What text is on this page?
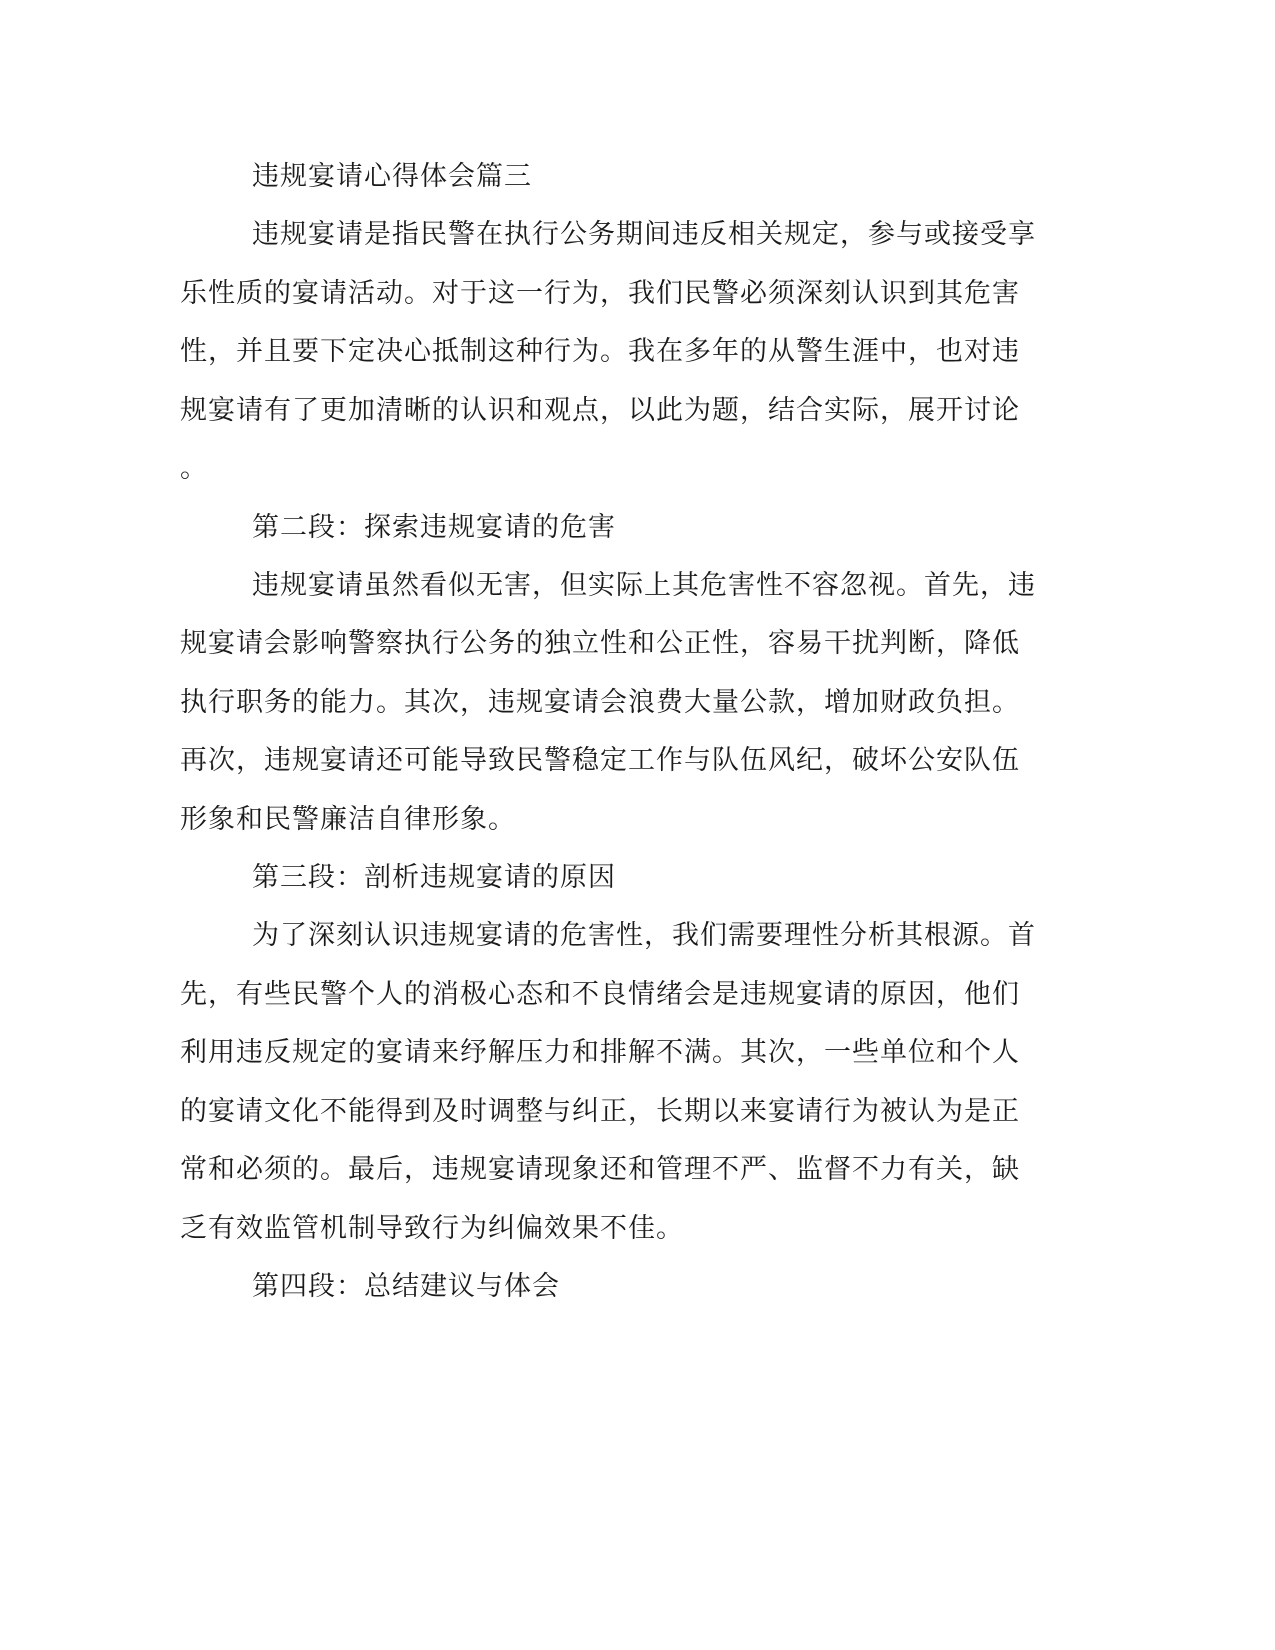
违规宴请心得体会篇三

违规宴请是指民警在执行公务期间违反相关规定，参与或接受享
乐性质的宴请活动。对于这一行为，我们民警必须深刻认识到其危害
性，并且要下定决心抵制这种行为。我在多年的从警生涯中，也对违
规宴请有了更加清晰的认识和观点，以此为题，结合实际，展开讨论
。

第二段：探索违规宴请的危害

违规宴请虽然看似无害，但实际上其危害性不容忽视。首先，违
规宴请会影响警察执行公务的独立性和公正性，容易干扰判断，降低
执行职务的能力。其次，违规宴请会浪费大量公款，增加财政负担。
再次，违规宴请还可能导致民警稳定工作与队伍风纪，破坏公安队伍
形象和民警廉洁自律形象。

第三段：剖析违规宴请的原因

为了深刻认识违规宴请的危害性，我们需要理性分析其根源。首
先，有些民警个人的消极心态和不良情绪会是违规宴请的原因，他们
利用违反规定的宴请来纾解压力和排解不满。其次，一些单位和个人
的宴请文化不能得到及时调整与纠正，长期以来宴请行为被认为是正
常和必须的。最后，违规宴请现象还和管理不严、监督不力有关，缺
乏有效监管机制导致行为纠偏效果不佳。

第四段：总结建议与体会
